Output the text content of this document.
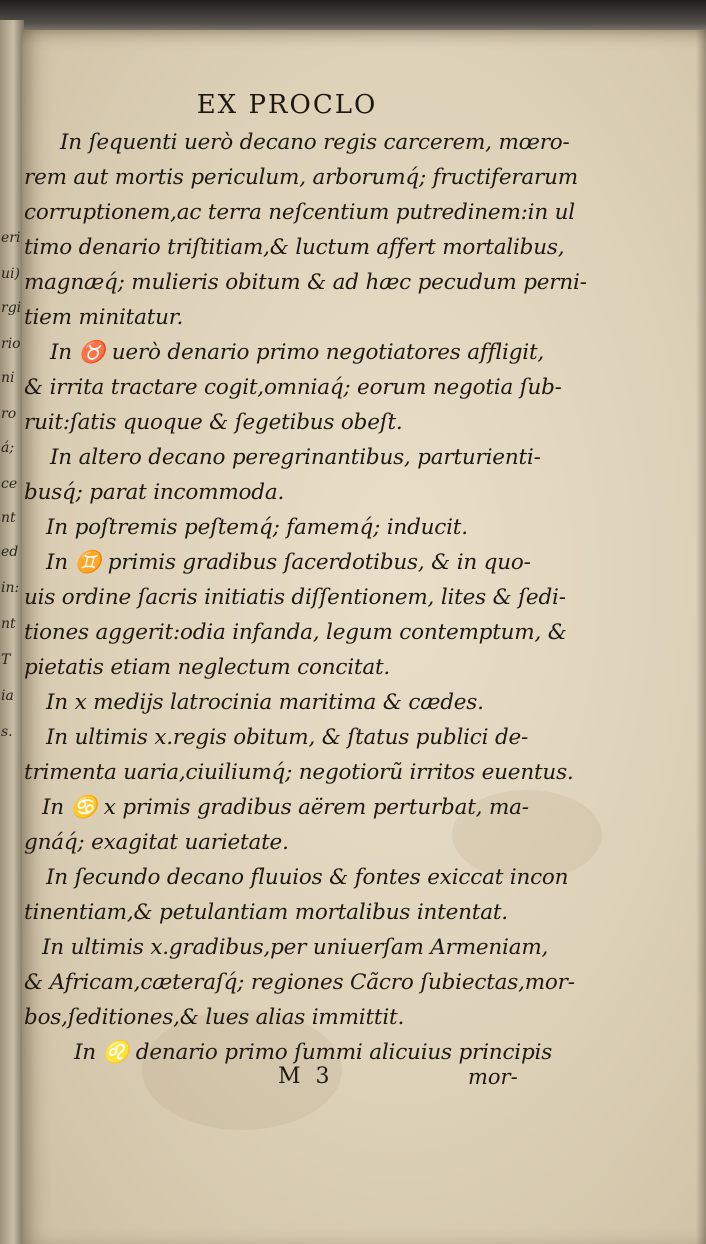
eri
ui)
rgi
rio
ni
ro
á;
ce
nt
ed
in:
nt
T
ia
s.
EX PROCLO
In ſequenti uerò decano regis carcerem, mœro-
rem aut mortis periculum, arborumq́; fructiferarum
corruptionem,ac terra neſcentium putredinem:in ul
timo denario triſtitiam,& luctum affert mortalibus,
magnæq́; mulieris obitum & ad hæc pecudum perni-
tiem minitatur.
In ♉ uerò denario primo negotiatores affligit,
& irrita tractare cogit,omniaq́; eorum negotia ſub-
ruit:ſatis quoque & ſegetibus obeſt.
In altero decano peregrinantibus, parturienti-
busq́; parat incommoda.
In poſtremis peſtemq́; famemq́; inducit.
In ♊ primis gradibus ſacerdotibus, & in quo-
uis ordine ſacris initiatis diſſentionem, lites & ſedi-
tiones aggerit:odia infanda, legum contemptum, &
pietatis etiam neglectum concitat.
In x medijs latrocinia maritima & cædes.
In ultimis x.regis obitum, & ſtatus publici de-
trimenta uaria,ciuiliumq́; negotiorũ irritos euentus.
In ♋ x primis gradibus aërem perturbat, ma-
gnáq́; exagitat uarietate.
In ſecundo decano fluuios & fontes exiccat incon
tinentiam,& petulantiam mortalibus intentat.
In ultimis x.gradibus,per uniuerſam Armeniam,
& Africam,cæteraſq́; regiones Cãcro ſubiectas,mor-
bos,ſeditiones,& lues alias immittit.
In ♌ denario primo ſummi alicuius principis
M 3	mor-
